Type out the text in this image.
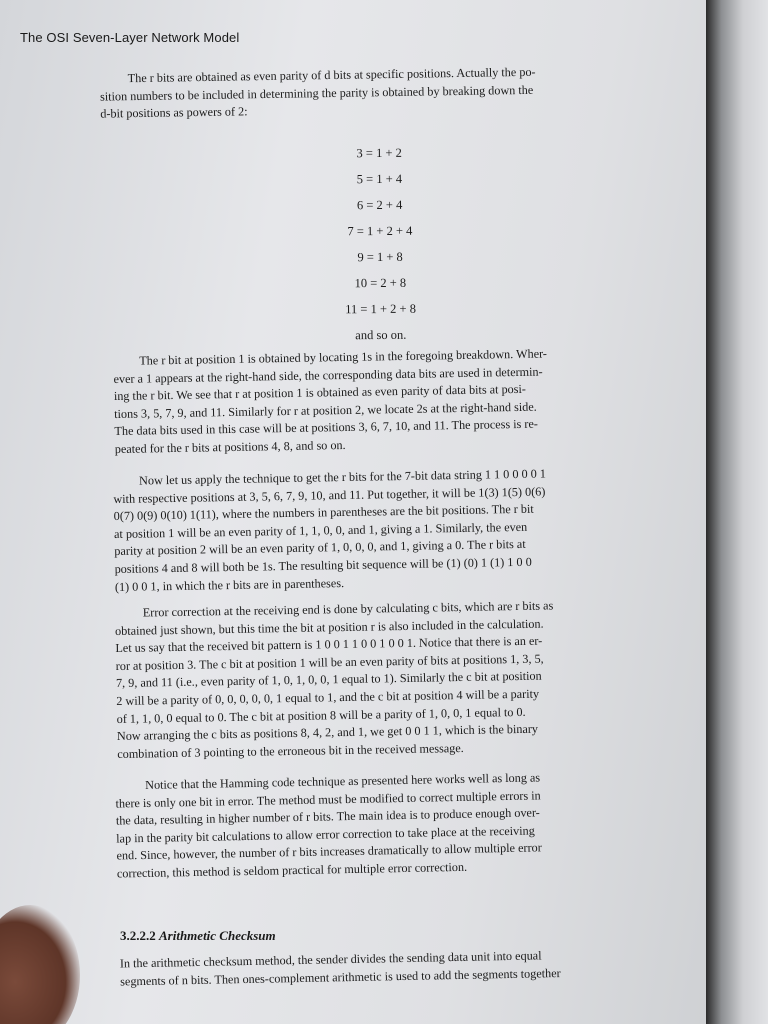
The OSI Seven-Layer Network Model
The r bits are obtained as even parity of d bits at specific positions. Actually the po-
sition numbers to be included in determining the parity is obtained by breaking down the
d-bit positions as powers of 2:
3 = 1 + 2
5 = 1 + 4
6 = 2 + 4
7 = 1 + 2 + 4
9 = 1 + 8
10 = 2 + 8
11 = 1 + 2 + 8
and so on.
The r bit at position 1 is obtained by locating 1s in the foregoing breakdown. Wher-
ever a 1 appears at the right-hand side, the corresponding data bits are used in determin-
ing the r bit. We see that r at position 1 is obtained as even parity of data bits at posi-
tions 3, 5, 7, 9, and 11. Similarly for r at position 2, we locate 2s at the right-hand side.
The data bits used in this case will be at positions 3, 6, 7, 10, and 11. The process is re-
peated for the r bits at positions 4, 8, and so on.
Now let us apply the technique to get the r bits for the 7-bit data string 1 1 0 0 0 0 1
with respective positions at 3, 5, 6, 7, 9, 10, and 11. Put together, it will be 1(3) 1(5) 0(6)
0(7) 0(9) 0(10) 1(11), where the numbers in parentheses are the bit positions. The r bit
at position 1 will be an even parity of 1, 1, 0, 0, and 1, giving a 1. Similarly, the even
parity at position 2 will be an even parity of 1, 0, 0, 0, and 1, giving a 0. The r bits at
positions 4 and 8 will both be 1s. The resulting bit sequence will be (1) (0) 1 (1) 1 0 0
(1) 0 0 1, in which the r bits are in parentheses.
Error correction at the receiving end is done by calculating c bits, which are r bits as
obtained just shown, but this time the bit at position r is also included in the calculation.
Let us say that the received bit pattern is 1 0 0 1 1 0 0 1 0 0 1. Notice that there is an er-
ror at position 3. The c bit at position 1 will be an even parity of bits at positions 1, 3, 5,
7, 9, and 11 (i.e., even parity of 1, 0, 1, 0, 0, 1 equal to 1). Similarly the c bit at position
2 will be a parity of 0, 0, 0, 0, 0, 1 equal to 1, and the c bit at position 4 will be a parity
of 1, 1, 0, 0 equal to 0. The c bit at position 8 will be a parity of 1, 0, 0, 1 equal to 0.
Now arranging the c bits as positions 8, 4, 2, and 1, we get 0 0 1 1, which is the binary
combination of 3 pointing to the erroneous bit in the received message.
Notice that the Hamming code technique as presented here works well as long as
there is only one bit in error. The method must be modified to correct multiple errors in
the data, resulting in higher number of r bits. The main idea is to produce enough over-
lap in the parity bit calculations to allow error correction to take place at the receiving
end. Since, however, the number of r bits increases dramatically to allow multiple error
correction, this method is seldom practical for multiple error correction.
3.2.2.2 Arithmetic Checksum
In the arithmetic checksum method, the sender divides the sending data unit into equal
segments of n bits. Then ones-complement arithmetic is used to add the segments together
